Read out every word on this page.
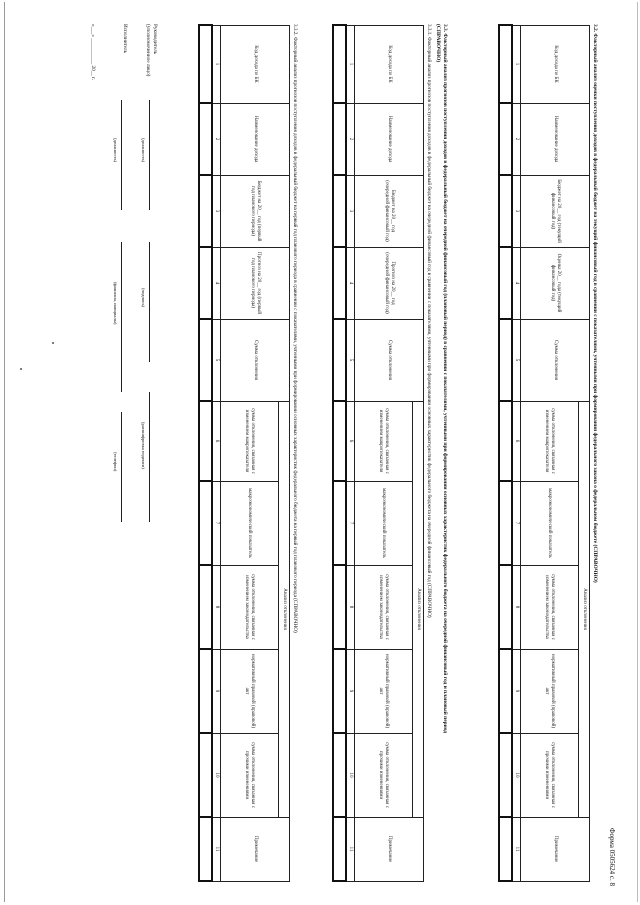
Форма 0505624 с. 8
3.2. Факторный анализ оценки поступления доходов в федеральный бюджет на текущий финансовый год в сравнении с показателями, учтенными при формировании федерального закона о федеральном бюджете (СПРАВОЧНО)
Код дохода по БК	Наименование дохода	Бюджет на 20__ год (текущий финансовый год)	Оценка 20__ года (текущий финансовый год)	Сумма отклонения	Анализ отклонения					Примечание
					сумма отклонения, связанная с изменением макропоказателя	макроэкономический показатель	сумма отклонения, связанная с изменением законодательства	нормативный правовой (правовой) акт	сумма отклонения, связанная с прочими изменениями	
1	2	3	4	5	6	7	8	9	10	11

3.3. Факторный анализ прогнозов поступления доходов в федеральный бюджет на очередной финансовый год (плановый период) в сравнении с показателями, учтенными при формировании основных характеристик федерального бюджета на очередной финансовый год и плановый период
(СПРАВОЧНО)
3.3.1. Факторный анализ прогнозов поступления доходов в федеральный бюджет на очередной финансовый год в сравнении с показателями, учтенными при формировании основных характеристик федерального бюджета на очередной финансовый год (СПРАВОЧНО)
Код дохода по БК	Наименование дохода	Бюджет на 20__ год (очередной финансовый год)	Прогноз на 20__ год (очередной финансовый год)	Сумма отклонения	Анализ отклонения					Примечание
					сумма отклонения, связанная с изменением макропоказателя	макроэкономический показатель	сумма отклонения, связанная с изменением законодательства	нормативный правовой (правовой) акт	сумма отклонения, связанная с прочими изменениями	
1	2	3	4	5	6	7	8	9	10	11

3.3.2. Факторный анализ прогнозов поступления доходов в федеральный бюджет на первый год планового периода в сравнении с показателями, учтенными при формировании основных характеристик федерального бюджета на первый год планового периода (СПРАВОЧНО)
Код дохода по БК	Наименование дохода	Бюджет на 20__ год (первый год планового периода)	Прогноз на 20__ год (первый год планового периода)	Сумма отклонения	Анализ отклонения					Примечание
					сумма отклонения, связанная с изменением макропоказателя	макроэкономический показатель	сумма отклонения, связанная с изменением законодательства	нормативный правовой (правовой) акт	сумма отклонения, связанная с прочими изменениями	
1	2	3	4	5	6	7	8	9	10	11

Руководитель
(уполномоченное лицо)
(должность)
(подпись)
(расшифровка подписи)
Исполнитель
(должность)
(фамилия, инициалы)
(телефон)
«___» __________ 20__ г.
